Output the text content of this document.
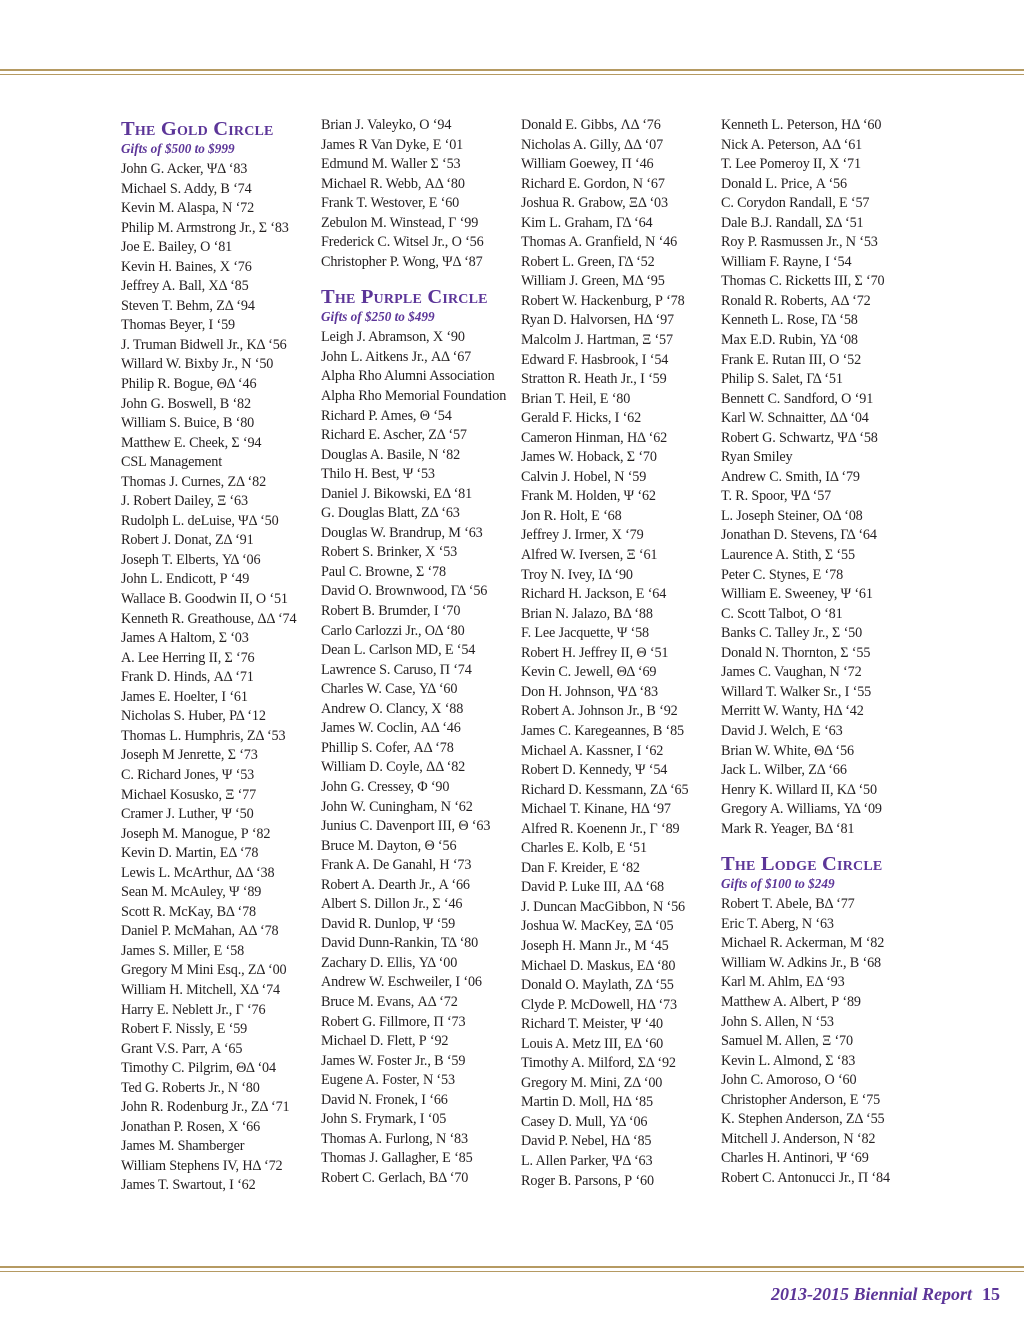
The Gold Circle
Gifts of $500 to $999
John G. Acker, ΨΔ ‘83
Michael S. Addy, Β ‘74
Kevin M. Alaspa, Ν ‘72
Philip M. Armstrong Jr., Σ ‘83
Joe E. Bailey, Ο ‘81
Kevin H. Baines, Χ ‘76
Jeffrey A. Ball, ΧΔ ‘85
Steven T. Behm, ΖΔ ‘94
Thomas Beyer, Ι ‘59
J. Truman Bidwell Jr., ΚΔ ‘56
Willard W. Bixby Jr., Ν ‘50
Philip R. Bogue, ΘΔ ‘46
John G. Boswell, Β ‘82
William S. Buice, Β ‘80
Matthew E. Cheek, Σ ‘94
CSL Management
Thomas J. Curnes, ΖΔ ‘82
J. Robert Dailey, Ξ ‘63
Rudolph L. deLuise, ΨΔ ‘50
Robert J. Donat, ΖΔ ‘91
Joseph T. Elberts, ΥΔ ‘06
John L. Endicott, Ρ ‘49
Wallace B. Goodwin II, Ο ‘51
Kenneth R. Greathouse, ΔΔ ‘74
James A Haltom, Σ ‘03
A. Lee Herring II, Σ ‘76
Frank D. Hinds, ΑΔ ‘71
James E. Hoelter, Ι ‘61
Nicholas S. Huber, ΡΔ ‘12
Thomas L. Humphris, ΖΔ ‘53
Joseph M Jenrette, Σ ‘73
C. Richard Jones, Ψ ‘53
Michael Kosusko, Ξ ‘77
Cramer J. Luther, Ψ ‘50
Joseph M. Manogue, Ρ ‘82
Kevin D. Martin, ΕΔ ‘78
Lewis L. McArthur, ΔΔ ‘38
Sean M. McAuley, Ψ ‘89
Scott R. McKay, ΒΔ ‘78
Daniel P. McMahan, ΑΔ ‘78
James S. Miller, Ε ‘58
Gregory M Mini Esq., ΖΔ ‘00
William H. Mitchell, ΧΔ ‘74
Harry E. Neblett Jr., Γ ‘76
Robert F. Nissly, Ε ‘59
Grant V.S. Parr, Α ‘65
Timothy C. Pilgrim, ΘΔ ‘04
Ted G. Roberts Jr., Ν ‘80
John R. Rodenburg Jr., ΖΔ ‘71
Jonathan P. Rosen, Χ ‘66
James M. Shamberger
William Stephens IV, ΗΔ ‘72
James T. Swartout, Ι ‘62
Brian J. Valeyko, Ο ‘94
James R Van Dyke, Ε ‘01
Edmund M. Waller Σ ‘53
Michael R. Webb, ΑΔ ‘80
Frank T. Westover, Ε ‘60
Zebulon M. Winstead, Γ ‘99
Frederick C. Witsel Jr., Ο ‘56
Christopher P. Wong, ΨΔ ‘87
The Purple Circle
Gifts of $250 to $499
Leigh J. Abramson, Χ ‘90
John L. Aitkens Jr., ΑΔ ‘67
Alpha Rho Alumni Association
Alpha Rho Memorial Foundation
Richard P. Ames, Θ ‘54
Richard E. Ascher, ΖΔ ‘57
Douglas A. Basile, Ν ‘82
Thilo H. Best, Ψ ‘53
Daniel J. Bikowski, ΕΔ ‘81
G. Douglas Blatt, ΖΔ ‘63
Douglas W. Brandrup, Μ ‘63
Robert S. Brinker, Χ ‘53
Paul C. Browne, Σ ‘78
David O. Brownwood, ΓΔ ‘56
Robert B. Brumder, Ι ‘70
Carlo Carlozzi Jr., ΟΔ ‘80
Dean L. Carlson MD, Ε ‘54
Lawrence S. Caruso, Π ‘74
Charles W. Case, ΥΔ ‘60
Andrew O. Clancy, Χ ‘88
James W. Coclin, ΑΔ ‘46
Phillip S. Cofer, ΑΔ ‘78
William D. Coyle, ΔΔ ‘82
John G. Cressey, Φ ‘90
John W. Cuningham, Ν ‘62
Junius C. Davenport III, Θ ‘63
Bruce M. Dayton, Θ ‘56
Frank A. De Ganahl, Η ‘73
Robert A. Dearth Jr., Α ‘66
Albert S. Dillon Jr., Σ ‘46
David R. Dunlop, Ψ ‘59
David Dunn-Rankin, ΤΔ ‘80
Zachary D. Ellis, ΥΔ ‘00
Andrew W. Eschweiler, Ι ‘06
Bruce M. Evans, ΑΔ ‘72
Robert G. Fillmore, Π ‘73
Michael D. Flett, Ρ ‘92
James W. Foster Jr., Β ‘59
Eugene A. Foster, Ν ‘53
David N. Fronek, Ι ‘66
John S. Frymark, Ι ‘05
Thomas A. Furlong, Ν ‘83
Thomas J. Gallagher, Ε ‘85
Robert C. Gerlach, ΒΔ ‘70
Donald E. Gibbs, ΛΔ ‘76
Nicholas A. Gilly, ΔΔ ‘07
William Goewey, Π ‘46
Richard E. Gordon, Ν ‘67
Joshua R. Grabow, ΞΔ ‘03
Kim L. Graham, ΓΔ ‘64
Thomas A. Granfield, Ν ‘46
Robert L. Green, ΓΔ ‘52
William J. Green, ΜΔ ‘95
Robert W. Hackenburg, Ρ ‘78
Ryan D. Halvorsen, ΗΔ ‘97
Malcolm J. Hartman, Ξ ‘57
Edward F. Hasbrook, Ι ‘54
Stratton R. Heath Jr., Ι ‘59
Brian T. Heil, Ε ‘80
Gerald F. Hicks, Ι ‘62
Cameron Hinman, ΗΔ ‘62
James W. Hoback, Σ ‘70
Calvin J. Hobel, Ν ‘59
Frank M. Holden, Ψ ‘62
Jon R. Holt, Ε ‘68
Jeffrey J. Irmer, Χ ‘79
Alfred W. Iversen, Ξ ‘61
Troy N. Ivey, ΙΔ ‘90
Richard H. Jackson, Ε ‘64
Brian N. Jalazo, ΒΔ ‘88
F. Lee Jacquette, Ψ ‘58
Robert H. Jeffrey II, Θ ‘51
Kevin C. Jewell, ΘΔ ‘69
Don H. Johnson, ΨΔ ‘83
Robert A. Johnson Jr., Β ‘92
James C. Karegeannes, Β ‘85
Michael A. Kassner, Ι ‘62
Robert D. Kennedy, Ψ ‘54
Richard D. Kessmann, ΖΔ ‘65
Michael T. Kinane, ΗΔ ‘97
Alfred R. Koenenn Jr., Γ ‘89
Charles E. Kolb, Ε ‘51
Dan F. Kreider, Ε ‘82
David P. Luke III, ΑΔ ‘68
J. Duncan MacGibbon, Ν ‘56
Joshua W. MacKey, ΞΔ ‘05
Joseph H. Mann Jr., Μ ‘45
Michael D. Maskus, ΕΔ ‘80
Donald O. Maylath, ΖΔ ‘55
Clyde P. McDowell, ΗΔ ‘73
Richard T. Meister, Ψ ‘40
Louis A. Metz III, ΕΔ ‘60
Timothy A. Milford, ΣΔ ‘92
Gregory M. Mini, ΖΔ ‘00
Martin D. Moll, ΗΔ ‘85
Casey D. Mull, ΥΔ ‘06
David P. Nebel, ΗΔ ‘85
L. Allen Parker, ΨΔ ‘63
Roger B. Parsons, Ρ ‘60
Kenneth L. Peterson, ΗΔ ‘60
Nick A. Peterson, ΑΔ ‘61
T. Lee Pomeroy II, Χ ‘71
Donald L. Price, Α ‘56
C. Corydon Randall, Ε ‘57
Dale B.J. Randall, ΣΔ ‘51
Roy P. Rasmussen Jr., Ν ‘53
William F. Rayne, Ι ‘54
Thomas C. Ricketts III, Σ ‘70
Ronald R. Roberts, ΑΔ ‘72
Kenneth L. Rose, ΓΔ ‘58
Max E.D. Rubin, ΥΔ ‘08
Frank E. Rutan III, Ο ‘52
Philip S. Salet, ΓΔ ‘51
Bennett C. Sandford, Ο ‘91
Karl W. Schnaitter, ΔΔ ‘04
Robert G. Schwartz, ΨΔ ‘58
Ryan Smiley
Andrew C. Smith, ΙΔ ‘79
T. R. Spoor, ΨΔ ‘57
L. Joseph Steiner, ΟΔ ‘08
Jonathan D. Stevens, ΓΔ ‘64
Laurence A. Stith, Σ ‘55
Peter C. Stynes, Ε ‘78
William E. Sweeney, Ψ ‘61
C. Scott Talbot, Ο ‘81
Banks C. Talley Jr., Σ ‘50
Donald N. Thornton, Σ ‘55
James C. Vaughan, Ν ‘72
Willard T. Walker Sr., Ι ‘55
Merritt W. Wanty, ΗΔ ‘42
David J. Welch, Ε ‘63
Brian W. White, ΘΔ ‘56
Jack L. Wilber, ΖΔ ‘66
Henry K. Willard II, ΚΔ ‘50
Gregory A. Williams, ΥΔ ‘09
Mark R. Yeager, ΒΔ ‘81
The Lodge Circle
Gifts of $100 to $249
Robert T. Abele, ΒΔ ‘77
Eric T. Aberg, Ν ‘63
Michael R. Ackerman, Μ ‘82
William W. Adkins Jr., Β ‘68
Karl M. Ahlm, ΕΔ ‘93
Matthew A. Albert, Ρ ‘89
John S. Allen, Ν ‘53
Samuel M. Allen, Ξ ‘70
Kevin L. Almond, Σ ‘83
John C. Amoroso, Ο ‘60
Christopher Anderson, Ε ‘75
K. Stephen Anderson, ΖΔ ‘55
Mitchell J. Anderson, Ν ‘82
Charles H. Antinori, Ψ ‘69
Robert C. Antonucci Jr., Π ‘84
2013-2015 Biennial Report 15
